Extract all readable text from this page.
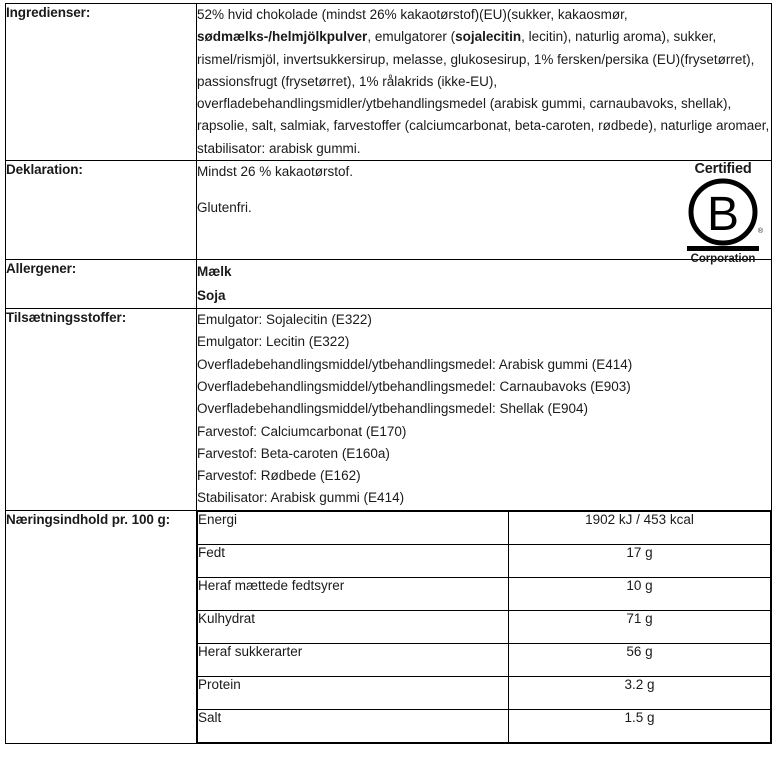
Ingredienser:	52% hvid chokolade (mindst 26% kakaotørstof)(EU)(sukker, kakaosmør, sødmælks-/helmjölkpulver, emulgatorer (sojalecitin, lecitin), naturlig aroma), sukker, rismel/rismjöl, invertsukkersirup, melasse, glukosesirup, 1% fersken/persika (EU)(frysetørret), passionsfrugt (frysetørret), 1% rålakrids (ikke-EU), overfladebehandlingsmidler/ytbehandlingsmedel (arabisk gummi, carnaubavoks, shellak), rapsolie, salt, salmiak, farvestoffer (calciumcarbonat, beta-caroten, rødbede), naturlige aromaer, stabilisator: arabisk gummi.

Deklaration:	Mindst 26 % kakaotørstof.
Glutenfri.
Certified
B	®
Corporation

Allergener:	Mælk
Soja

Tilsætningsstoffer:	Emulgator: Sojalecitin (E322)
Emulgator: Lecitin (E322)
Overfladebehandlingsmiddel/ytbehandlingsmedel: Arabisk gummi (E414)
Overfladebehandlingsmiddel/ytbehandlingsmedel: Carnaubavoks (E903)
Overfladebehandlingsmiddel/ytbehandlingsmedel: Shellak (E904)
Farvestof: Calciumcarbonat (E170)
Farvestof: Beta-caroten (E160a)
Farvestof: Rødbede (E162)
Stabilisator: Arabisk gummi (E414)

Næringsindhold pr. 100 g:	Energi	1902 kJ / 453 kcal
Fedt	17 g
Heraf mættede fedtsyrer	10 g
Kulhydrat	71 g
Heraf sukkerarter	56 g
Protein	3.2 g
Salt	1.5 g
